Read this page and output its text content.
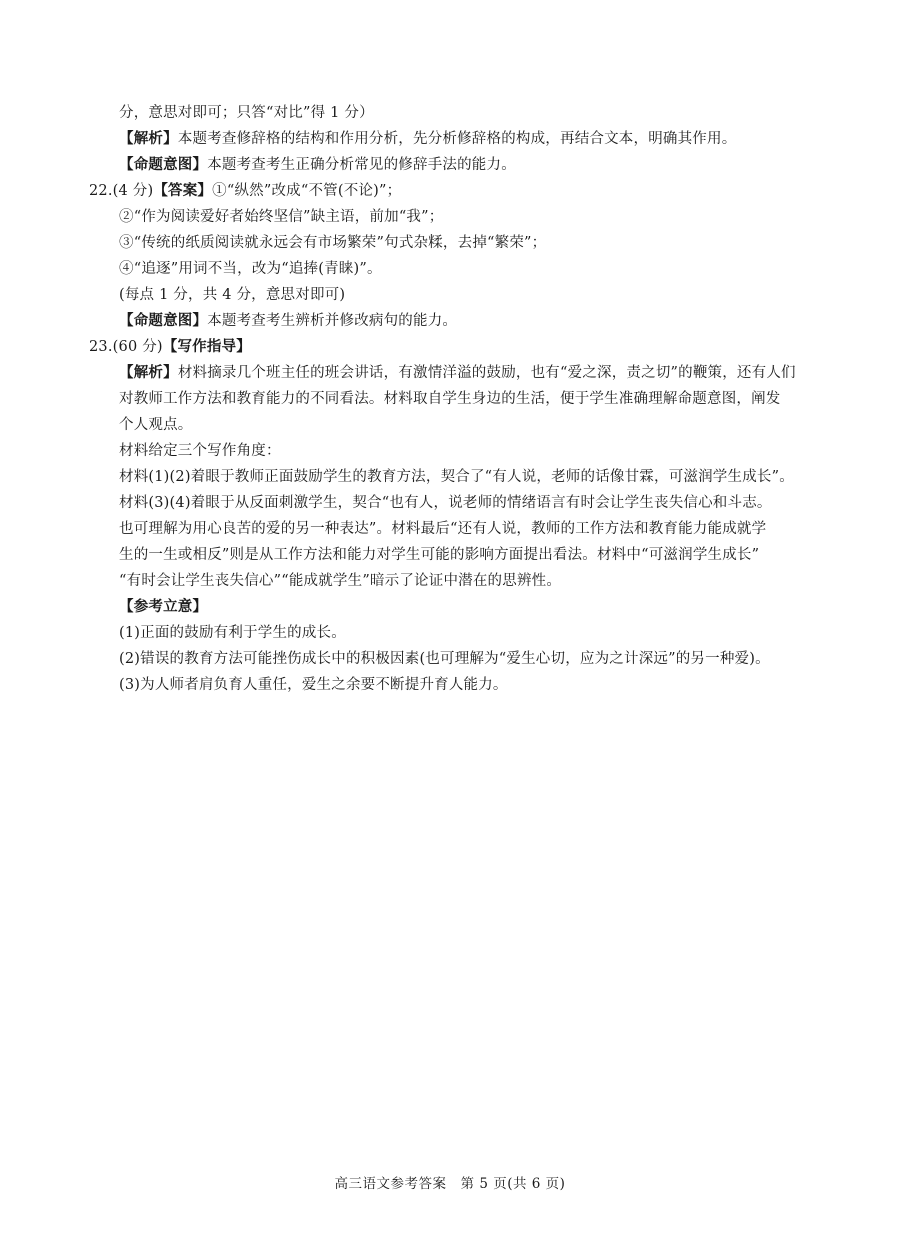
分，意思对即可；只答“对比”得 1 分）
【解析】本题考查修辞格的结构和作用分析，先分析修辞格的构成，再结合文本，明确其作用。
【命题意图】本题考查考生正确分析常见的修辞手法的能力。
22.(4 分)【答案】①“纵然”改成“不管(不论)”；
②“作为阅读爱好者始终坚信”缺主语，前加“我”；
③“传统的纸质阅读就永远会有市场繁荣”句式杂糅，去掉“繁荣”；
④“追逐”用词不当，改为“追捧(青睐)”。
(每点 1 分，共 4 分，意思对即可)
【命题意图】本题考查考生辨析并修改病句的能力。
23.(60 分)【写作指导】
【解析】材料摘录几个班主任的班会讲话，有激情洋溢的鼓励，也有“爱之深，责之切”的鞭策，还有人们
对教师工作方法和教育能力的不同看法。材料取自学生身边的生活，便于学生准确理解命题意图，阐发
个人观点。
材料给定三个写作角度：
材料(1)(2)着眼于教师正面鼓励学生的教育方法，契合了“有人说，老师的话像甘霖，可滋润学生成长”。
材料(3)(4)着眼于从反面刺激学生，契合“也有人，说老师的情绪语言有时会让学生丧失信心和斗志。
也可理解为用心良苦的爱的另一种表达”。材料最后“还有人说，教师的工作方法和教育能力能成就学
生的一生或相反”则是从工作方法和能力对学生可能的影响方面提出看法。材料中“可滋润学生成长”
“有时会让学生丧失信心”“能成就学生”暗示了论证中潜在的思辨性。
【参考立意】
(1)正面的鼓励有利于学生的成长。
(2)错误的教育方法可能挫伤成长中的积极因素(也可理解为“爱生心切，应为之计深远”的另一种爱)。
(3)为人师者肩负育人重任，爱生之余要不断提升育人能力。
高三语文参考答案　第 5 页(共 6 页)
